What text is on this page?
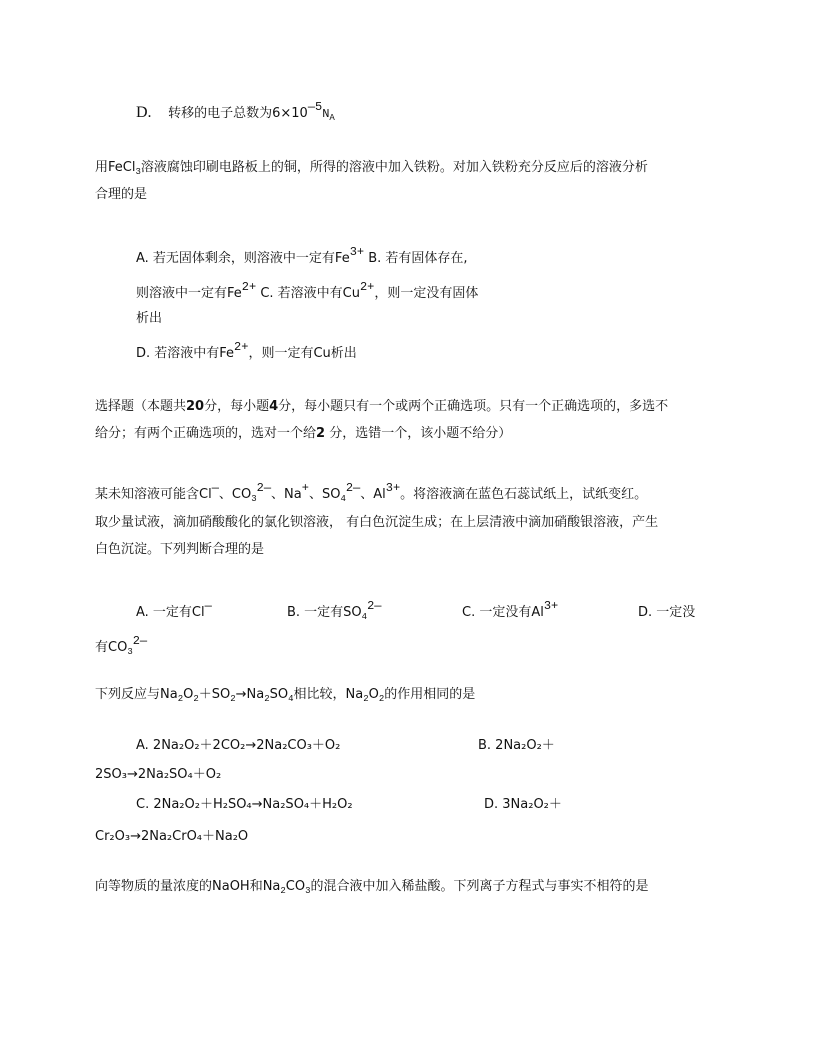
D. 转移的电子总数为$6\times 10^{—5}N_A$
用FeCl$_3$溶液腐蚀印刷电路板上的铜，所得的溶液中加入铁粉。对加入铁粉充分反应后的溶液分析
合理的是
A. 若无固体剩余，则溶液中一定有$Fe^{3+}$ B. 若有固体存在,
则溶液中一定有$Fe^{2+}$ C. 若溶液中有$Cu^{2+}$，则一定没有固体
析出
D. 若溶液中有$Fe^{2+}$，则一定有Cu析出
选择题（本题共20分，每小题4分，每小题只有一个或两个正确选项。只有一个正确选项的，多选不
给分；有两个正确选项的，选对一个给2 分，选错一个，该小题不给分）
某未知溶液可能含Cl—、$CO_3^{2—}$、Na+、$SO_4^{2—}$、$Al^{3+}$。将溶液滴在蓝色石蕊试纸上，试纸变红。
取少量试液，滴加硝酸酸化的氯化钡溶液， 有白色沉淀生成；在上层清液中滴加硝酸银溶液，产生
白色沉淀。下列判断合理的是
A. 一定有Cl—	B. 一定有$SO_4^{2—}$	C. 一定没有$Al^{3+}$	D. 一定没
有$CO_3^{2—}$
下列反应与$Na_2O_2+SO_2\to Na_2SO_4$相比较，$Na_2O_2$的作用相同的是
A. 2Na₂O₂＋2CO₂→2Na₂CO₃＋O₂	B. 2Na₂O₂＋
2SO₃→2Na₂SO₄＋O₂
C. 2Na₂O₂＋H₂SO₄→Na₂SO₄＋H₂O₂	D. 3Na₂O₂＋
Cr₂O₃→2Na₂CrO₄＋Na₂O
向等物质的量浓度的NaOH和$Na_2CO_3$的混合液中加入稀盐酸。下列离子方程式与事实不相符的是
